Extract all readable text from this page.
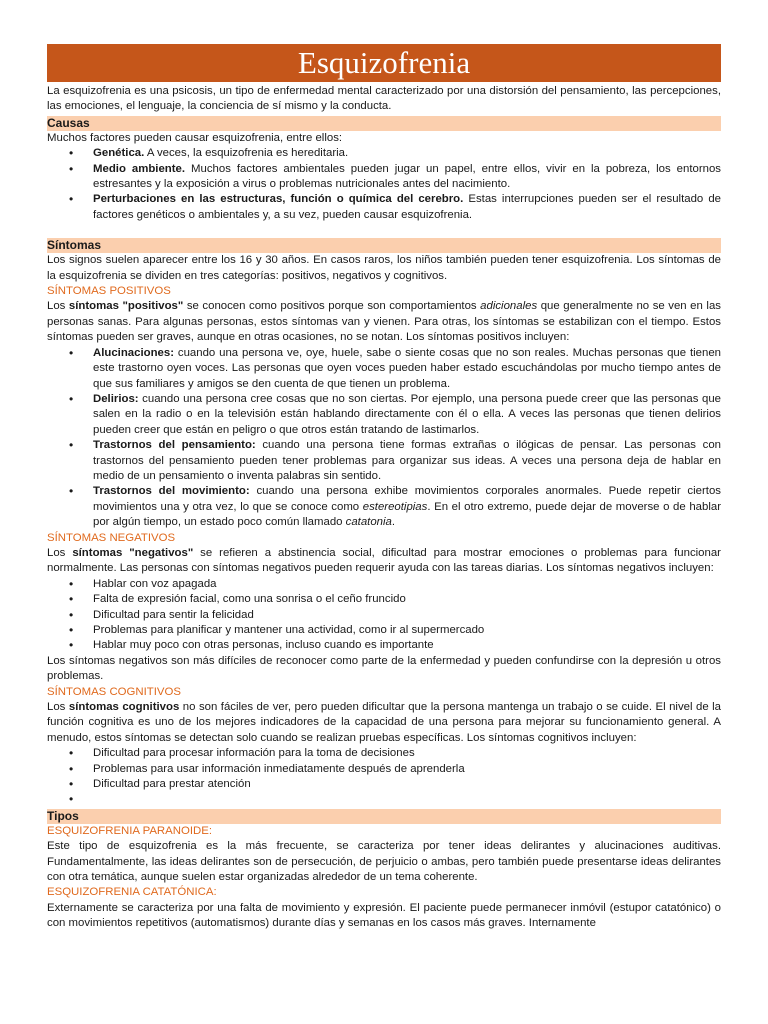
Esquizofrenia

La esquizofrenia es una psicosis, un tipo de enfermedad mental caracterizado por una distorsión del pensamiento, las percepciones, las emociones, el lenguaje, la conciencia de sí mismo y la conducta.

Causas

Muchos factores pueden causar esquizofrenia, entre ellos:

• Genética. A veces, la esquizofrenia es hereditaria.
• Medio ambiente. Muchos factores ambientales pueden jugar un papel, entre ellos, vivir en la pobreza, los entornos estresantes y la exposición a virus o problemas nutricionales antes del nacimiento.
• Perturbaciones en las estructuras, función o química del cerebro. Estas interrupciones pueden ser el resultado de factores genéticos o ambientales y, a su vez, pueden causar esquizofrenia.
Síntomas

Los signos suelen aparecer entre los 16 y 30 años. En casos raros, los niños también pueden tener esquizofrenia. Los síntomas de la esquizofrenia se dividen en tres categorías: positivos, negativos y cognitivos.

SÍNTOMAS POSITIVOS

Los síntomas "positivos" se conocen como positivos porque son comportamientos adicionales que generalmente no se ven en las personas sanas. Para algunas personas, estos síntomas van y vienen. Para otras, los síntomas se estabilizan con el tiempo. Estos síntomas pueden ser graves, aunque en otras ocasiones, no se notan. Los síntomas positivos incluyen:

• Alucinaciones: cuando una persona ve, oye, huele, sabe o siente cosas que no son reales. Muchas personas que tienen este trastorno oyen voces. Las personas que oyen voces pueden haber estado escuchándolas por mucho tiempo antes de que sus familiares y amigos se den cuenta de que tienen un problema.
• Delirios: cuando una persona cree cosas que no son ciertas. Por ejemplo, una persona puede creer que las personas que salen en la radio o en la televisión están hablando directamente con él o ella. A veces las personas que tienen delirios pueden creer que están en peligro o que otros están tratando de lastimarlos.
• Trastornos del pensamiento: cuando una persona tiene formas extrañas o ilógicas de pensar. Las personas con trastornos del pensamiento pueden tener problemas para organizar sus ideas. A veces una persona deja de hablar en medio de un pensamiento o inventa palabras sin sentido.
• Trastornos del movimiento: cuando una persona exhibe movimientos corporales anormales. Puede repetir ciertos movimientos una y otra vez, lo que se conoce como estereotipias. En el otro extremo, puede dejar de moverse o de hablar por algún tiempo, un estado poco común llamado catatonia.
SÍNTOMAS NEGATIVOS

Los síntomas "negativos" se refieren a abstinencia social, dificultad para mostrar emociones o problemas para funcionar normalmente. Las personas con síntomas negativos pueden requerir ayuda con las tareas diarias. Los síntomas negativos incluyen:

• Hablar con voz apagada
• Falta de expresión facial, como una sonrisa o el ceño fruncido
• Dificultad para sentir la felicidad
• Problemas para planificar y mantener una actividad, como ir al supermercado
• Hablar muy poco con otras personas, incluso cuando es importante

Los síntomas negativos son más difíciles de reconocer como parte de la enfermedad y pueden confundirse con la depresión u otros problemas.

SÍNTOMAS COGNITIVOS

Los síntomas cognitivos no son fáciles de ver, pero pueden dificultar que la persona mantenga un trabajo o se cuide. El nivel de la función cognitiva es uno de los mejores indicadores de la capacidad de una persona para mejorar su funcionamiento general. A menudo, estos síntomas se detectan solo cuando se realizan pruebas específicas. Los síntomas cognitivos incluyen:

• Dificultad para procesar información para la toma de decisiones
• Problemas para usar información inmediatamente después de aprenderla
• Dificultad para prestar atención
•
Tipos
ESQUIZOFRENIA PARANOIDE:

Este tipo de esquizofrenia es la más frecuente, se caracteriza por tener ideas delirantes y alucinaciones auditivas. Fundamentalmente, las ideas delirantes son de persecución, de perjuicio o ambas, pero también puede presentarse ideas delirantes con otra temática, aunque suelen estar organizadas alrededor de un tema coherente.

ESQUIZOFRENIA CATATÓNICA:

Externamente se caracteriza por una falta de movimiento y expresión. El paciente puede permanecer inmóvil (estupor catatónico) o con movimientos repetitivos (automatismos) durante días y semanas en los casos más graves. Internamente
